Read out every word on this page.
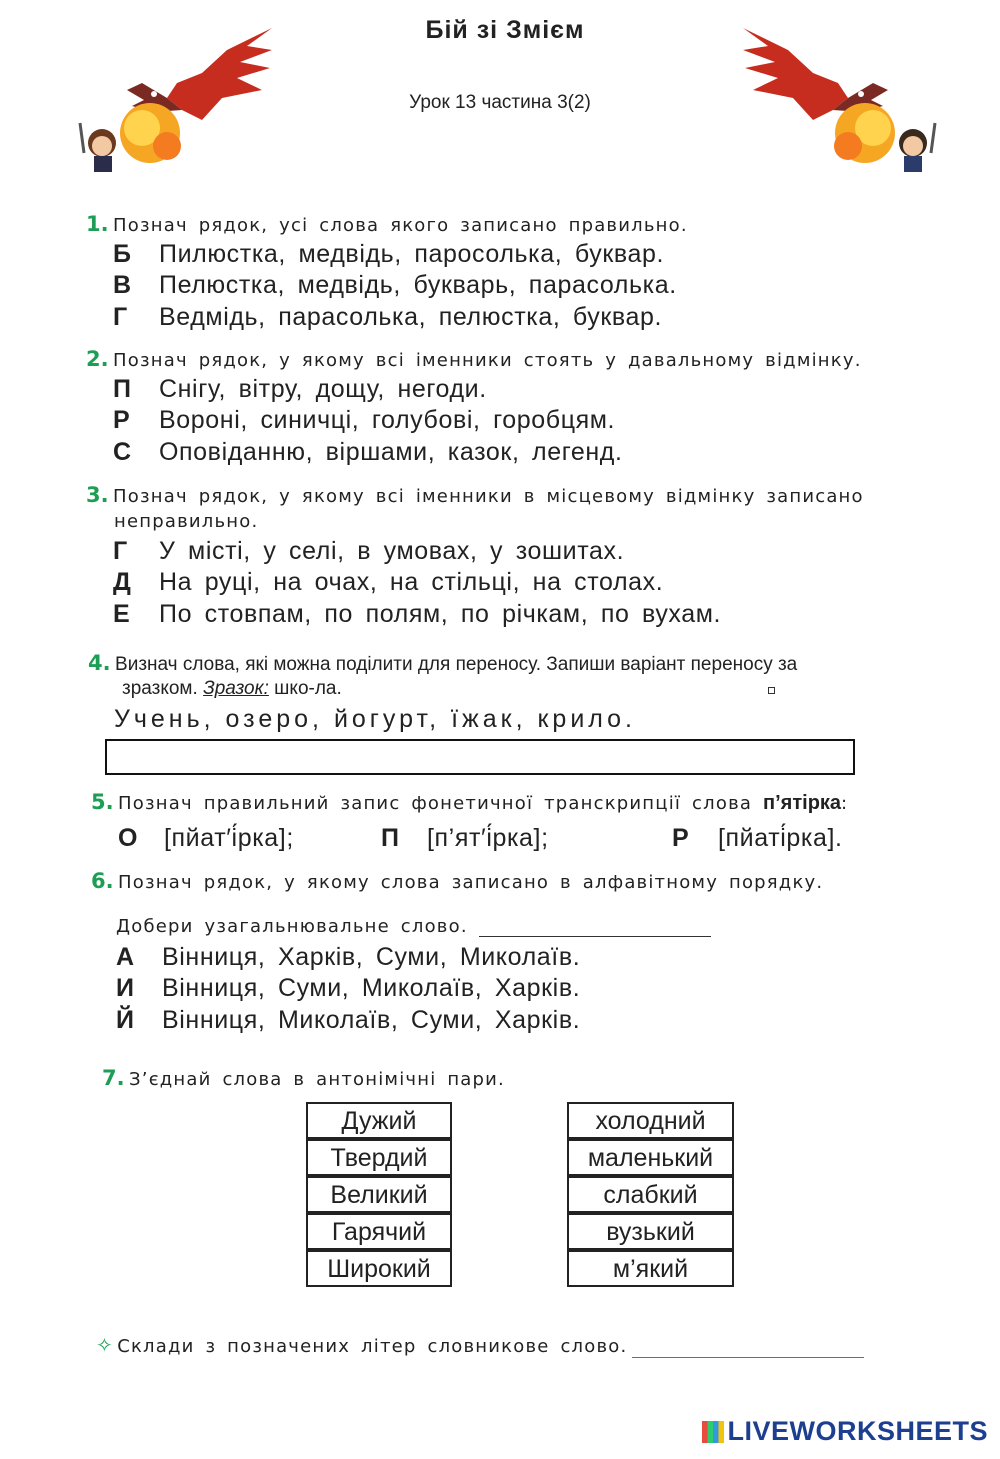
Бій зі Змієм
Урок 13 частина 3(2)
1. Познач рядок, усі слова якого записано правильно.
Б Пилюстка, медвідь, паросолька, буквар.
В Пелюстка, медвідь, букварь, парасолька.
Г Ведмідь, парасолька, пелюстка, буквар.
2. Познач рядок, у якому всі іменники стоять у давальному відмінку.
П Снігу, вітру, дощу, негоди.
Р Вороні, синичці, голубові, горобцям.
С Оповіданню, віршами, казок, легенд.
3. Познач рядок, у якому всі іменники в місцевому відмінку записано
неправильно.
Г У місті, у селі, в умовах, у зошитах.
Д На руці, на очах, на стільці, на столах.
Е По стовпам, по полям, по річкам, по вухам.
4. Визнач слова, які можна поділити для переносу. Запиши варіант переносу за
зразком. Зразок: шко-ла.
Учень, озеро, йогурт, їжак, крило.
5. Познач правильний запис фонетичної транскрипції слова п’ятірка:
О [пйат′і́рка];	П [п’ят′і́рка];	Р [пйаті́рка].
6. Познач рядок, у якому слова записано в алфавітному порядку.
Добери узагальнювальне слово.
А Вінниця, Харків, Суми, Миколаїв.
И Вінниця, Суми, Миколаїв, Харків.
Й Вінниця, Миколаїв, Суми, Харків.
7. З’єднай слова в антонімічні пари.
Дужий
Твердий
Великий
Гарячий
Широкий
холодний
маленький
слабкий
вузький
м’який
✧ Склади з позначених літер словникове слово.
LIVEWORKSHEETS
